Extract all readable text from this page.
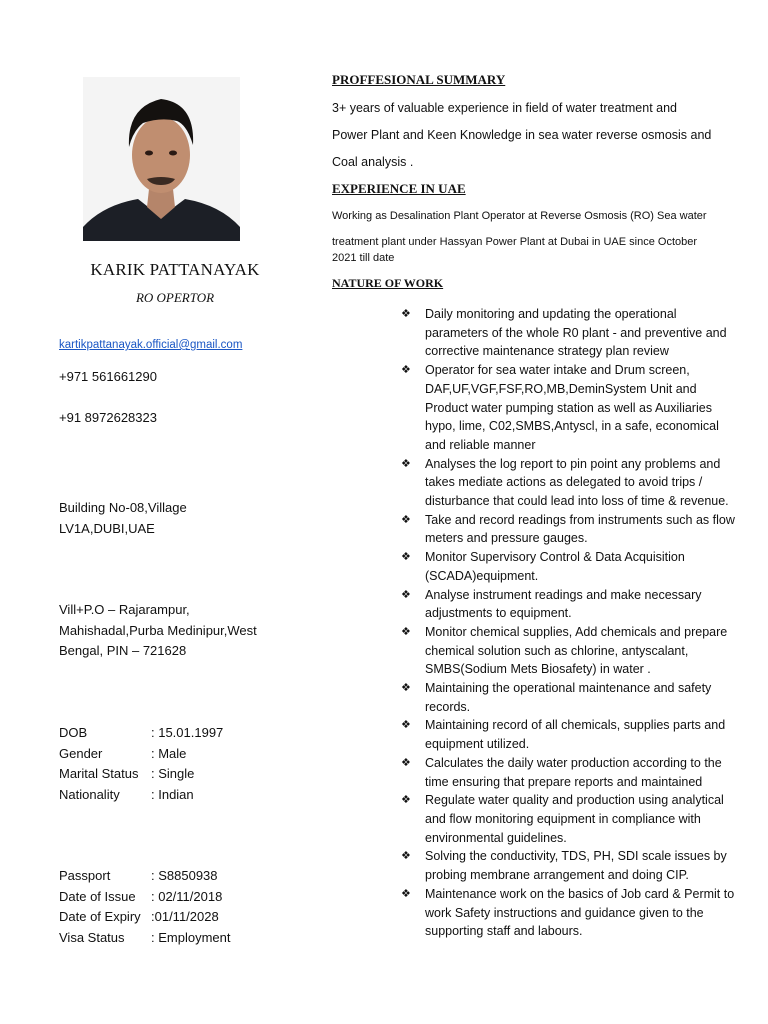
KARIK PATTANAYAK
RO OPERTOR
kartikpattanayak.official@gmail.com
+971 561661290
+91 8972628323
Building No-08,Village
LV1A,DUBI,UAE
Vill+P.O – Rajarampur,
Mahishadal,Purba Medinipur,West
Bengal, PIN – 721628
DOB	: 15.01.1997
Gender	: Male
Marital Status : Single
Nationality	: Indian
Passport	: S8850938
Date of Issue	: 02/11/2018
Date of Expiry :01/11/2028
Visa Status	: Employment
PROFFESIONAL SUMMARY
3+ years of valuable experience in field of water treatment and
Power Plant and Keen Knowledge in sea water reverse osmosis and
Coal analysis .
EXPERIENCE IN UAE
Working as Desalination Plant Operator at Reverse Osmosis (RO) Sea water
treatment plant under Hassyan Power Plant at Dubai in UAE since October
2021 till date
NATURE OF WORK
❖ Daily monitoring and updating the operational parameters of the whole R0 plant - and preventive and corrective maintenance strategy plan review
❖ Operator for sea water intake and Drum screen, DAF,UF,VGF,FSF,RO,MB,DeminSystem Unit and Product water pumping station as well as Auxiliaries hypo, lime, C02,SMBS,Antyscl, in a safe, economical and reliable manner
❖ Analyses the log report to pin point any problems and takes mediate actions as delegated to avoid trips / disturbance that could lead into loss of time & revenue.
❖ Take and record readings from instruments such as flow meters and pressure gauges.
❖ Monitor Supervisory Control & Data Acquisition (SCADA)equipment.
❖ Analyse instrument readings and make necessary adjustments to equipment.
❖ Monitor chemical supplies, Add chemicals and prepare chemical solution such as chlorine, antyscalant, SMBS(Sodium Mets Biosafety) in water .
❖ Maintaining the operational maintenance and safety records.
❖ Maintaining record of all chemicals, supplies parts and equipment utilized.
❖ Calculates the daily water production according to the time ensuring that prepare reports and maintained
❖ Regulate water quality and production using analytical and flow monitoring equipment in compliance with environmental guidelines.
❖ Solving the conductivity, TDS, PH, SDI scale issues by probing membrane arrangement and doing CIP.
❖ Maintenance work on the basics of Job card & Permit to work Safety instructions and guidance given to the supporting staff and labours.
